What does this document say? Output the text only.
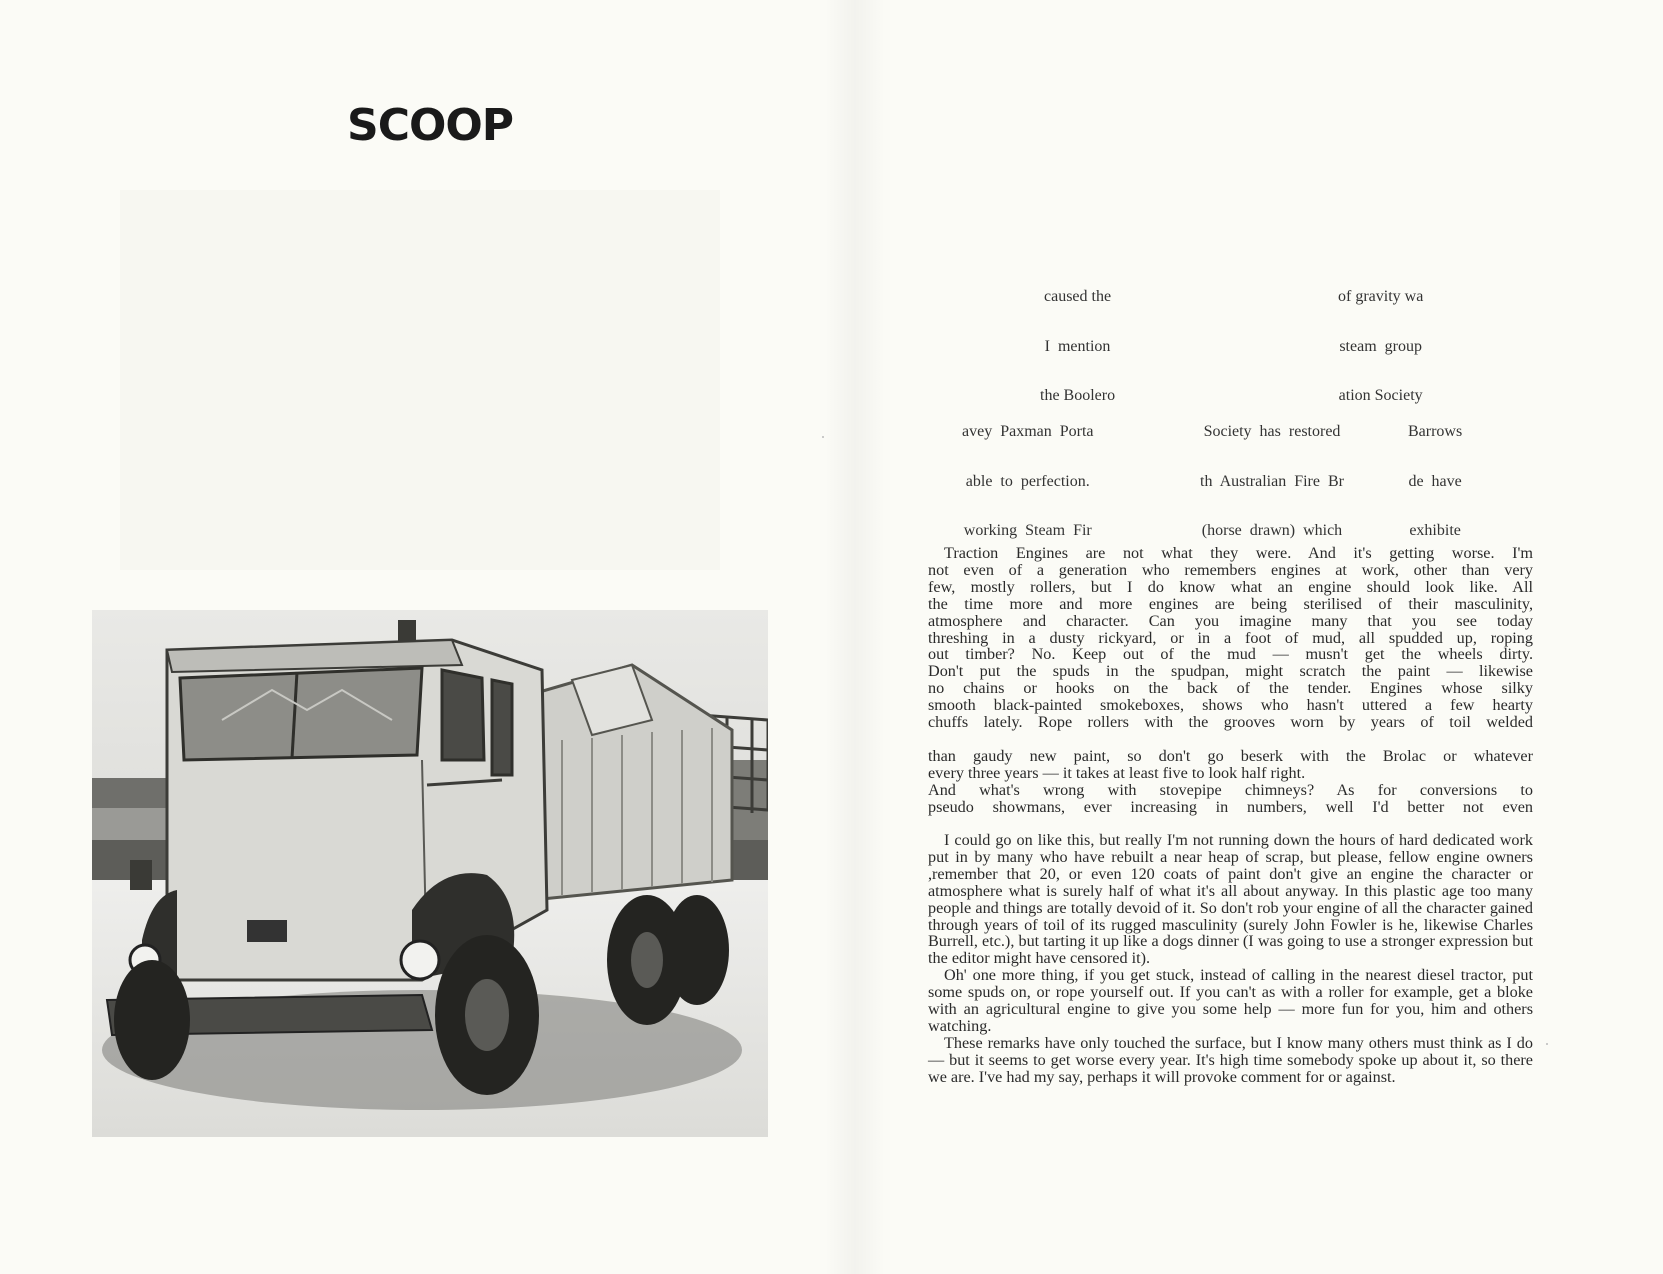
SCOOP

caused the

I  mention

the Boolero

of gravity wa

steam  group

ation Society

avey  Paxman  Porta

able  to  perfection.

working  Steam  Fir

Society  has  restored

th  Australian  Fire  Br

(horse  drawn)  which

Barrows

de  have

exhibite

Traction Engines are not what they were. And it's getting worse. I'm
not even of a generation who remembers engines at work, other than very
few, mostly rollers, but I do know what an engine should look like. All
the time more and more engines are being sterilised of their masculinity,
atmosphere and character. Can you imagine many that you see today
threshing in a dusty rickyard, or in a foot of mud, all spudded up, roping
out timber? No. Keep out of the mud — musn't get the wheels dirty.
Don't put the spuds in the spudpan, might scratch the paint — likewise
no chains or hooks on the back of the tender. Engines whose silky
smooth black-painted smokeboxes, shows who hasn't uttered a few hearty
chuffs lately. Rope rollers with the grooves worn by years of toil welded
than gaudy new paint, so don't go beserk with the Brolac or whatever
every three years — it takes at least five to look half right.
And what's wrong with stovepipe chimneys? As for conversions to
pseudo showmans, ever increasing in numbers, well I'd better not even

I could go on like this, but really I'm not running down the hours of hard dedicated work put in by many who have rebuilt a near heap of scrap, but please, fellow engine owners ,remember that 20, or even 120 coats of paint don't give an engine the character or atmosphere what is surely half of what it's all about anyway. In this plastic age too many people and things are totally devoid of it. So don't rob your engine of all the character gained through years of toil of its rugged masculinity (surely John Fowler is he, likewise Charles Burrell, etc.), but tarting it up like a dogs dinner (I was going to use a stronger expression but the editor might have censored it).

Oh' one more thing, if you get stuck, instead of calling in the nearest diesel tractor, put some spuds on, or rope yourself out. If you can't as with a roller for example, get a bloke with an agricultural engine to give you some help — more fun for you, him and others watching.

These remarks have only touched the surface, but I know many others must think as I do — but it seems to get worse every year. It's high time somebody spoke up about it, so there we are. I've had my say, perhaps it will provoke comment for or against.
